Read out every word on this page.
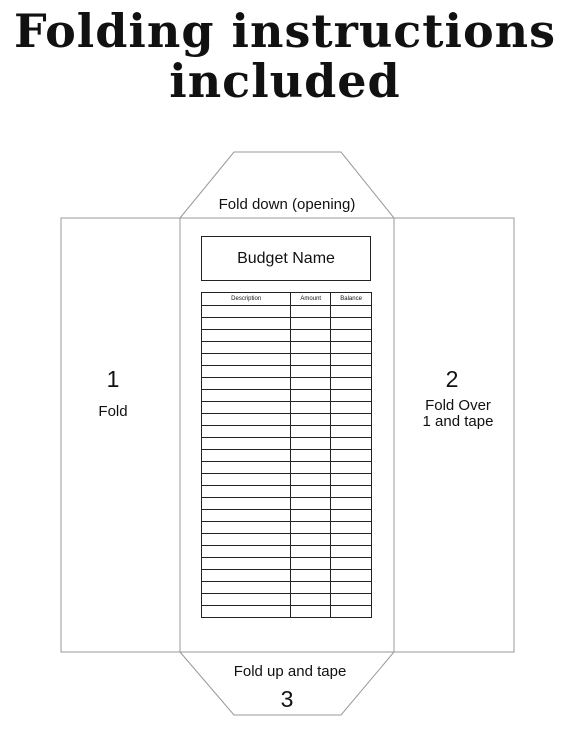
Folding instructions
included
Fold down (opening)
1
Fold
2
Fold Over
1 and tape
Fold up and tape
3
Budget Name
Description	Amount	Balance
